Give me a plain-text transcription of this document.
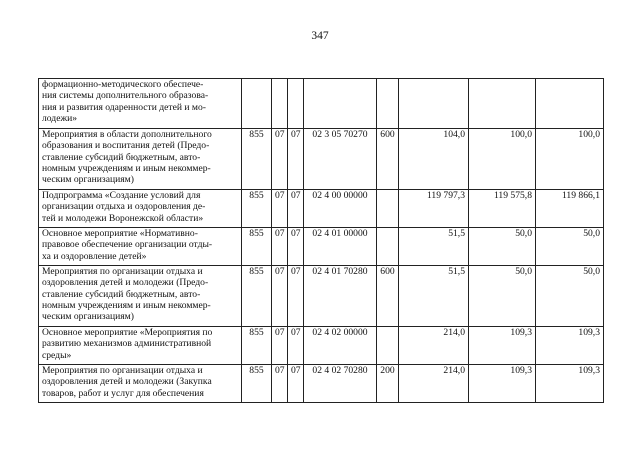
347
формационно-методического обеспече-
ния системы дополнительного образова-
ния и развития одаренности детей и мо-
лодежи»								

Мероприятия в области дополнительного
образования и воспитания детей (Предо-
ставление субсидий бюджетным, авто-
номным учреждениям и иным некоммер-
ческим организациям)	855	07	07	02 3 05 70270	600	104,0	100,0	100,0

Подпрограмма «Создание условий для
организации отдыха и оздоровления де-
тей и молодежи Воронежской области»	855	07	07	02 4 00 00000		119 797,3	119 575,8	119 866,1

Основное мероприятие «Нормативно-
правовое обеспечение организации отды-
ха и оздоровление детей»	855	07	07	02 4 01 00000		51,5	50,0	50,0

Мероприятия по организации отдыха и
оздоровления детей и молодежи (Предо-
ставление субсидий бюджетным, авто-
номным учреждениям и иным некоммер-
ческим организациям)	855	07	07	02 4 01 70280	600	51,5	50,0	50,0

Основное мероприятие «Мероприятия по
развитию механизмов административной
среды»	855	07	07	02 4 02 00000		214,0	109,3	109,3

Мероприятия по организации отдыха и
оздоровления детей и молодежи (Закупка
товаров, работ и услуг для обеспечения	855	07	07	02 4 02 70280	200	214,0	109,3	109,3
